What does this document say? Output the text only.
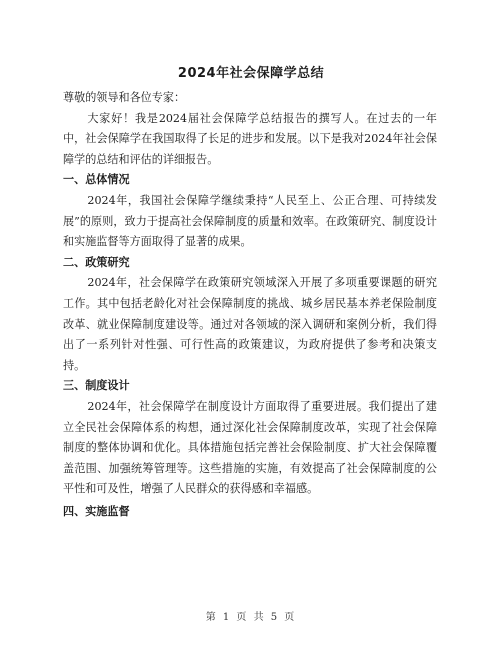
2024年社会保障学总结

尊敬的领导和各位专家：

大家好！我是2024届社会保障学总结报告的撰写人。在过去的一年中，社会保障学在我国取得了长足的进步和发展。以下是我对2024年社会保障学的总结和评估的详细报告。

一、总体情况

2024年，我国社会保障学继续秉持“人民至上、公正合理、可持续发展”的原则，致力于提高社会保障制度的质量和效率。在政策研究、制度设计和实施监督等方面取得了显著的成果。

二、政策研究

2024年，社会保障学在政策研究领域深入开展了多项重要课题的研究工作。其中包括老龄化对社会保障制度的挑战、城乡居民基本养老保险制度改革、就业保障制度建设等。通过对各领域的深入调研和案例分析，我们得出了一系列针对性强、可行性高的政策建议，为政府提供了参考和决策支持。

三、制度设计

2024年，社会保障学在制度设计方面取得了重要进展。我们提出了建立全民社会保障体系的构想，通过深化社会保障制度改革，实现了社会保障制度的整体协调和优化。具体措施包括完善社会保险制度、扩大社会保障覆盖范围、加强统筹管理等。这些措施的实施，有效提高了社会保障制度的公平性和可及性，增强了人民群众的获得感和幸福感。

四、实施监督

第 1 页 共 5 页
